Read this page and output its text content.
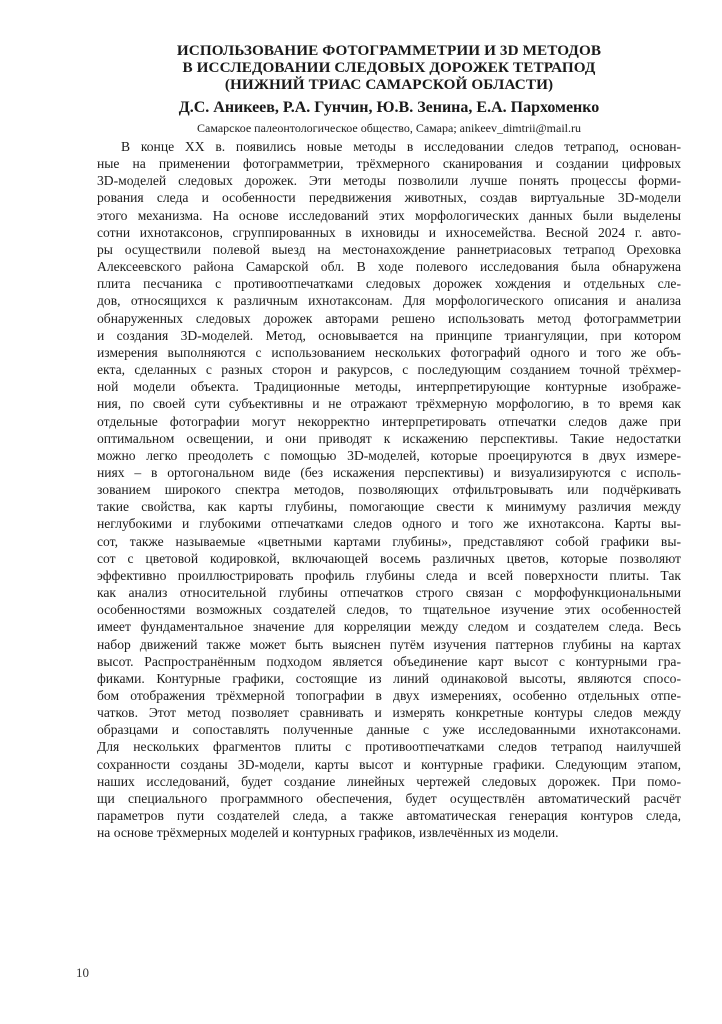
ИСПОЛЬЗОВАНИЕ ФОТОГРАММЕТРИИ И 3D МЕТОДОВ
В ИССЛЕДОВАНИИ СЛЕДОВЫХ ДОРОЖЕК ТЕТРАПОД
(НИЖНИЙ ТРИАС САМАРСКОЙ ОБЛАСТИ)
Д.С. Аникеев, Р.А. Гунчин, Ю.В. Зенина, Е.А. Пархоменко
Самарское палеонтологическое общество, Самара; anikeev_dimtrii@mail.ru
В конце XX в. появились новые методы в исследовании следов тетрапод, основан-
ные на применении фотограмметрии, трёхмерного сканирования и создании цифровых
3D-моделей следовых дорожек. Эти методы позволили лучше понять процессы форми-
рования следа и особенности передвижения животных, создав виртуальные 3D-модели
этого механизма. На основе исследований этих морфологических данных были выделены
сотни ихнотаксонов, сгруппированных в ихновиды и ихносемейства. Весной 2024 г. авто-
ры осуществили полевой выезд на местонахождение раннетриасовых тетрапод Ореховка
Алексеевского района Самарской обл. В ходе полевого исследования была обнаружена
плита песчаника с противоотпечатками следовых дорожек хождения и отдельных сле-
дов, относящихся к различным ихнотаксонам. Для морфологического описания и анализа
обнаруженных следовых дорожек авторами решено использовать метод фотограмметрии
и создания 3D-моделей. Метод, основывается на принципе триангуляции, при котором
измерения выполняются с использованием нескольких фотографий одного и того же объ-
екта, сделанных с разных сторон и ракурсов, с последующим созданием точной трёхмер-
ной модели объекта. Традиционные методы, интерпретирующие контурные изображе-
ния, по своей сути субъективны и не отражают трёхмерную морфологию, в то время как
отдельные фотографии могут некорректно интерпретировать отпечатки следов даже при
оптимальном освещении, и они приводят к искажению перспективы. Такие недостатки
можно легко преодолеть с помощью 3D-моделей, которые проецируются в двух измере-
ниях – в ортогональном виде (без искажения перспективы) и визуализируются с исполь-
зованием широкого спектра методов, позволяющих отфильтровывать или подчёркивать
такие свойства, как карты глубины, помогающие свести к минимуму различия между
неглубокими и глубокими отпечатками следов одного и того же ихнотаксона. Карты вы-
сот, также называемые «цветными картами глубины», представляют собой графики вы-
сот с цветовой кодировкой, включающей восемь различных цветов, которые позволяют
эффективно проиллюстрировать профиль глубины следа и всей поверхности плиты. Так
как анализ относительной глубины отпечатков строго связан с морфофункциональными
особенностями возможных создателей следов, то тщательное изучение этих особенностей
имеет фундаментальное значение для корреляции между следом и создателем следа. Весь
набор движений также может быть выяснен путём изучения паттернов глубины на картах
высот. Распространённым подходом является объединение карт высот с контурными гра-
фиками. Контурные графики, состоящие из линий одинаковой высоты, являются спосо-
бом отображения трёхмерной топографии в двух измерениях, особенно отдельных отпе-
чатков. Этот метод позволяет сравнивать и измерять конкретные контуры следов между
образцами и сопоставлять полученные данные с уже исследованными ихнотаксонами.
Для нескольких фрагментов плиты с противоотпечатками следов тетрапод наилучшей
сохранности созданы 3D-модели, карты высот и контурные графики. Следующим этапом,
наших исследований, будет создание линейных чертежей следовых дорожек. При помо-
щи специального программного обеспечения, будет осуществлён автоматический расчёт
параметров пути создателей следа, а также автоматическая генерация контуров следа,
на основе трёхмерных моделей и контурных графиков, извлечённых из модели.
10
